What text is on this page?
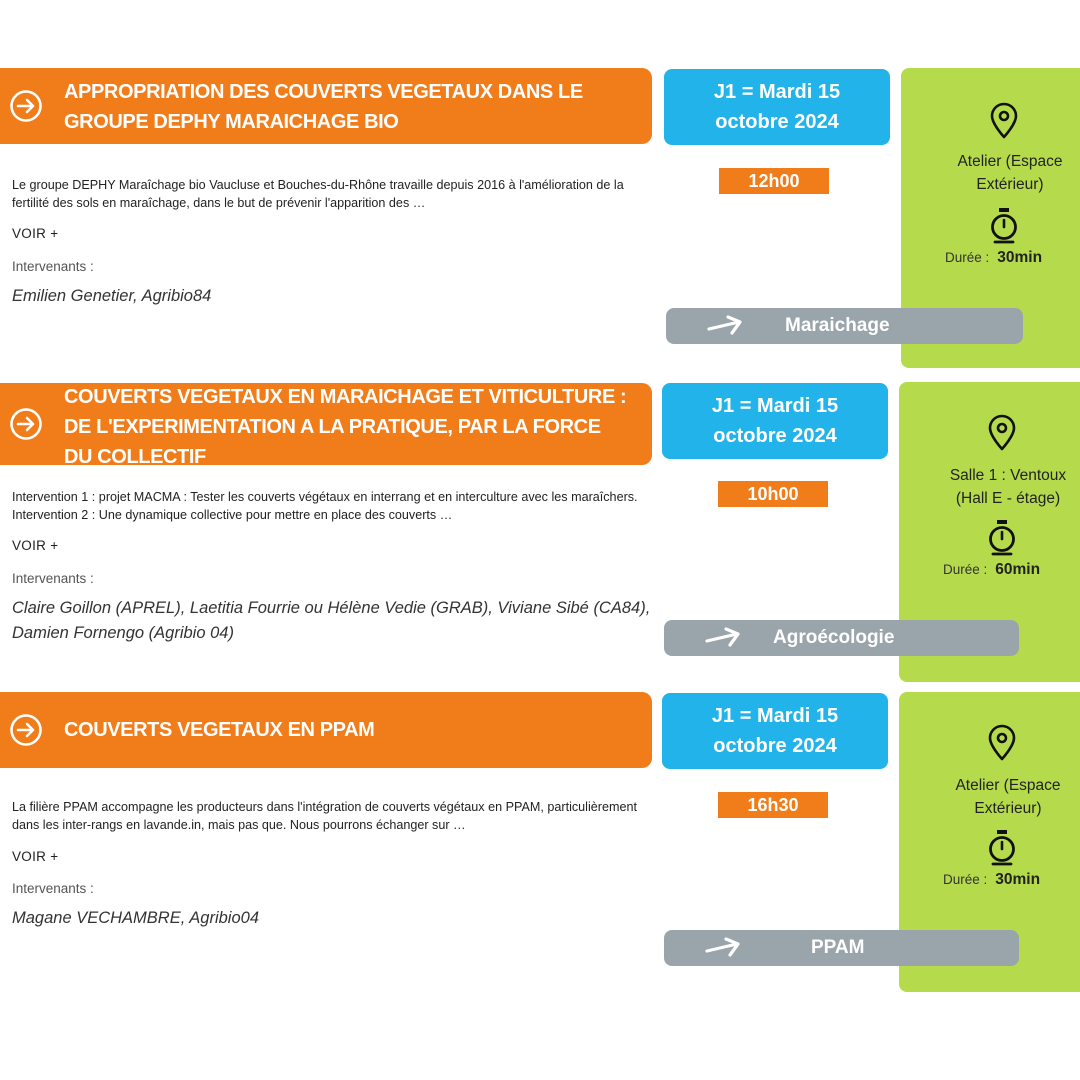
APPROPRIATION DES COUVERTS VEGETAUX DANS LE GROUPE DEPHY MARAICHAGE BIO
Le groupe DEPHY Maraîchage bio Vaucluse et Bouches-du-Rhône travaille depuis 2016 à l'amélioration de la fertilité des sols en maraîchage, dans le but de prévenir l'apparition des …
VOIR +
Intervenants :
Emilien Genetier, Agribio84
J1 = Mardi 15
octobre 2024
12h00
Atelier (Espace Extérieur)
Durée : 30min
Maraichage
COUVERTS VEGETAUX EN MARAICHAGE ET VITICULTURE : DE L'EXPERIMENTATION A LA PRATIQUE, PAR LA FORCE DU COLLECTIF
Intervention 1 : projet MACMA : Tester les couverts végétaux en interrang et en interculture avec les maraîchers. Intervention 2 : Une dynamique collective pour mettre en place des couverts …
VOIR +
Intervenants :
Claire Goillon (APREL), Laetitia Fourrie ou Hélène Vedie (GRAB), Viviane Sibé (CA84), Damien Fornengo (Agribio 04)
J1 = Mardi 15
octobre 2024
10h00
Salle 1 : Ventoux (Hall E - étage)
Durée : 60min
Agroécologie
COUVERTS VEGETAUX EN PPAM
La filière PPAM accompagne les producteurs dans l'intégration de couverts végétaux en PPAM, particulièrement dans les inter-rangs en lavande.in, mais pas que. Nous pourrons échanger sur …
VOIR +
Intervenants :
Magane VECHAMBRE, Agribio04
J1 = Mardi 15
octobre 2024
16h30
Atelier (Espace Extérieur)
Durée : 30min
PPAM
